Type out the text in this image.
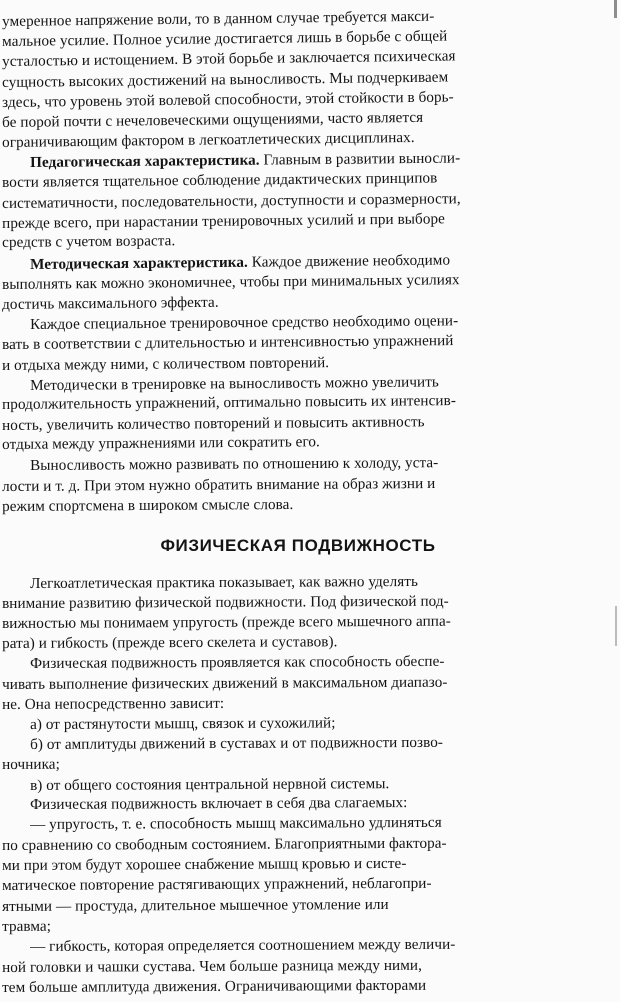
умеренное напряжение воли, то в данном случае требуется макси-
мальное усилие. Полное усилие достигается лишь в борьбе с общей
усталостью и истощением. В этой борьбе и заключается психическая
сущность высоких достижений на выносливость. Мы подчеркиваем
здесь, что уровень этой волевой способности, этой стойкости в борь-
бе порой почти с нечеловеческими ощущениями, часто является
ограничивающим фактором в легкоатлетических дисциплинах.
Педагогическая характеристика. Главным в развитии выносли-
вости является тщательное соблюдение дидактических принципов
систематичности, последовательности, доступности и соразмерности,
прежде всего, при нарастании тренировочных усилий и при выборе
средств с учетом возраста.
Методическая характеристика. Каждое движение необходимо
выполнять как можно экономичнее, чтобы при минимальных усилиях
достичь максимального эффекта.
Каждое специальное тренировочное средство необходимо оцени-
вать в соответствии с длительностью и интенсивностью упражнений
и отдыха между ними, с количеством повторений.
Методически в тренировке на выносливость можно увеличить
продолжительность упражнений, оптимально повысить их интенсив-
ность, увеличить количество повторений и повысить активность
отдыха между упражнениями или сократить его.
Выносливость можно развивать по отношению к холоду, уста-
лости и т. д. При этом нужно обратить внимание на образ жизни и
режим спортсмена в широком смысле слова.
ФИЗИЧЕСКАЯ ПОДВИЖНОСТЬ
Легкоатлетическая практика показывает, как важно уделять
внимание развитию физической подвижности. Под физической под-
вижностью мы понимаем упругость (прежде всего мышечного аппа-
рата) и гибкость (прежде всего скелета и суставов).
Физическая подвижность проявляется как способность обеспе-
чивать выполнение физических движений в максимальном диапазо-
не. Она непосредственно зависит:
а) от растянутости мышц, связок и сухожилий;
б) от амплитуды движений в суставах и от подвижности позво-
ночника;
в) от общего состояния центральной нервной системы.
Физическая подвижность включает в себя два слагаемых:
— упругость, т. е. способность мышц максимально удлиняться
по сравнению со свободным состоянием. Благоприятными фактора-
ми при этом будут хорошее снабжение мышц кровью и систе-
матическое повторение растягивающих упражнений, неблагопри-
ятными — простуда, длительное мышечное утомление или
травма;
— гибкость, которая определяется соотношением между величи-
ной головки и чашки сустава. Чем больше разница между ними,
тем больше амплитуда движения. Ограничивающими факторами
